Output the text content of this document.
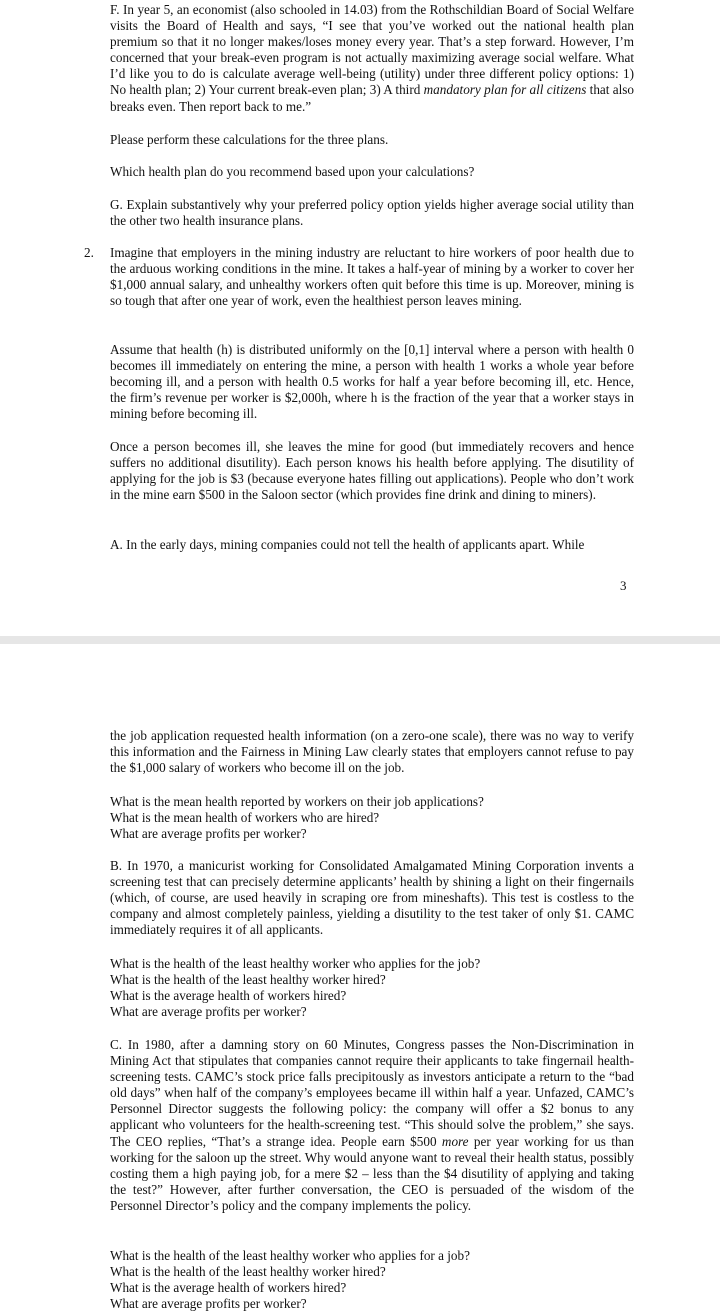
F. In year 5, an economist (also schooled in 14.03) from the Rothschildian Board of Social Welfare visits the Board of Health and says, “I see that you’ve worked out the national health plan premium so that it no longer makes/loses money every year. That’s a step forward. However, I’m concerned that your break-even program is not actually maximizing average social welfare. What I’d like you to do is calculate average well-being (utility) under three different policy options: 1) No health plan; 2) Your current break-even plan; 3) A third mandatory plan for all citizens that also breaks even. Then report back to me.”

Please perform these calculations for the three plans.

Which health plan do you recommend based upon your calculations?

G. Explain substantively why your preferred policy option yields higher average social utility than the other two health insurance plans.

2. Imagine that employers in the mining industry are reluctant to hire workers of poor health due to the arduous working conditions in the mine. It takes a half-year of mining by a worker to cover her $1,000 annual salary, and unhealthy workers often quit before this time is up. Moreover, mining is so tough that after one year of work, even the healthiest person leaves mining.

Assume that health (h) is distributed uniformly on the [0,1] interval where a person with health 0 becomes ill immediately on entering the mine, a person with health 1 works a whole year before becoming ill, and a person with health 0.5 works for half a year before becoming ill, etc. Hence, the firm’s revenue per worker is $2,000h, where h is the fraction of the year that a worker stays in mining before becoming ill.

Once a person becomes ill, she leaves the mine for good (but immediately recovers and hence suffers no additional disutility). Each person knows his health before applying. The disutility of applying for the job is $3 (because everyone hates filling out applications). People who don’t work in the mine earn $500 in the Saloon sector (which provides fine drink and dining to miners).

A. In the early days, mining companies could not tell the health of applicants apart. While

3

the job application requested health information (on a zero-one scale), there was no way to verify this information and the Fairness in Mining Law clearly states that employers cannot refuse to pay the $1,000 salary of workers who become ill on the job.

What is the mean health reported by workers on their job applications?
What is the mean health of workers who are hired?
What are average profits per worker?

B. In 1970, a manicurist working for Consolidated Amalgamated Mining Corporation invents a screening test that can precisely determine applicants’ health by shining a light on their fingernails (which, of course, are used heavily in scraping ore from mineshafts). This test is costless to the company and almost completely painless, yielding a disutility to the test taker of only $1. CAMC immediately requires it of all applicants.

What is the health of the least healthy worker who applies for the job?
What is the health of the least healthy worker hired?
What is the average health of workers hired?
What are average profits per worker?

C. In 1980, after a damning story on 60 Minutes, Congress passes the Non-Discrimination in Mining Act that stipulates that companies cannot require their applicants to take fingernail health-screening tests. CAMC’s stock price falls precipitously as investors anticipate a return to the “bad old days” when half of the company’s employees became ill within half a year. Unfazed, CAMC’s Personnel Director suggests the following policy: the company will offer a $2 bonus to any applicant who volunteers for the health-screening test. “This should solve the problem,” she says. The CEO replies, “That’s a strange idea. People earn $500 more per year working for us than working for the saloon up the street. Why would anyone want to reveal their health status, possibly costing them a high paying job, for a mere $2 – less than the $4 disutility of applying and taking the test?” However, after further conversation, the CEO is persuaded of the wisdom of the Personnel Director’s policy and the company implements the policy.

What is the health of the least healthy worker who applies for a job?
What is the health of the least healthy worker hired?
What is the average health of workers hired?
What are average profits per worker?
